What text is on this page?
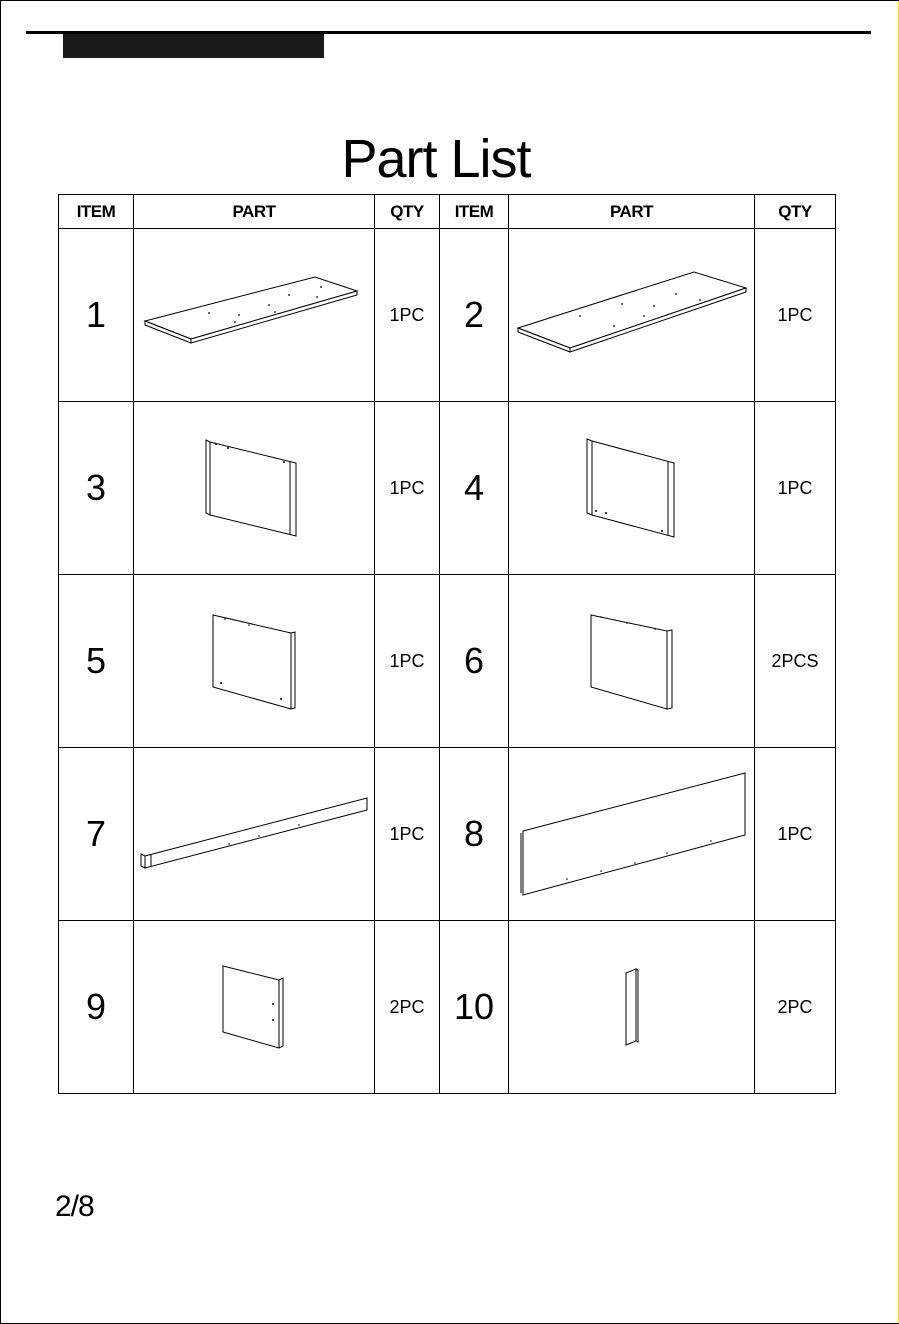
Part List
ITEM	PART	QTY	ITEM	PART	QTY
1		1PC	2		1PC
3		1PC	4		1PC
5		1PC	6		2PCS
7		1PC	8		1PC
9		2PC	10		2PC
2/8
